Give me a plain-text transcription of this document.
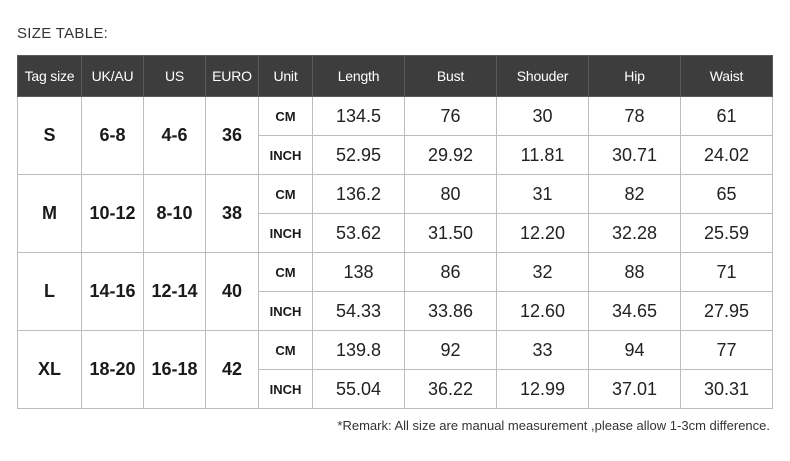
SIZE TABLE:
Tag size	UK/AU	US	EURO	Unit	Length	Bust	Shouder	Hip	Waist
S	6-8	4-6	36	CM	134.5	76	30	78	61
				INCH	52.95	29.92	11.81	30.71	24.02
M	10-12	8-10	38	CM	136.2	80	31	82	65
				INCH	53.62	31.50	12.20	32.28	25.59
L	14-16	12-14	40	CM	138	86	32	88	71
				INCH	54.33	33.86	12.60	34.65	27.95
XL	18-20	16-18	42	CM	139.8	92	33	94	77
				INCH	55.04	36.22	12.99	37.01	30.31
*Remark: All size are manual measurement ,please allow 1-3cm difference.
